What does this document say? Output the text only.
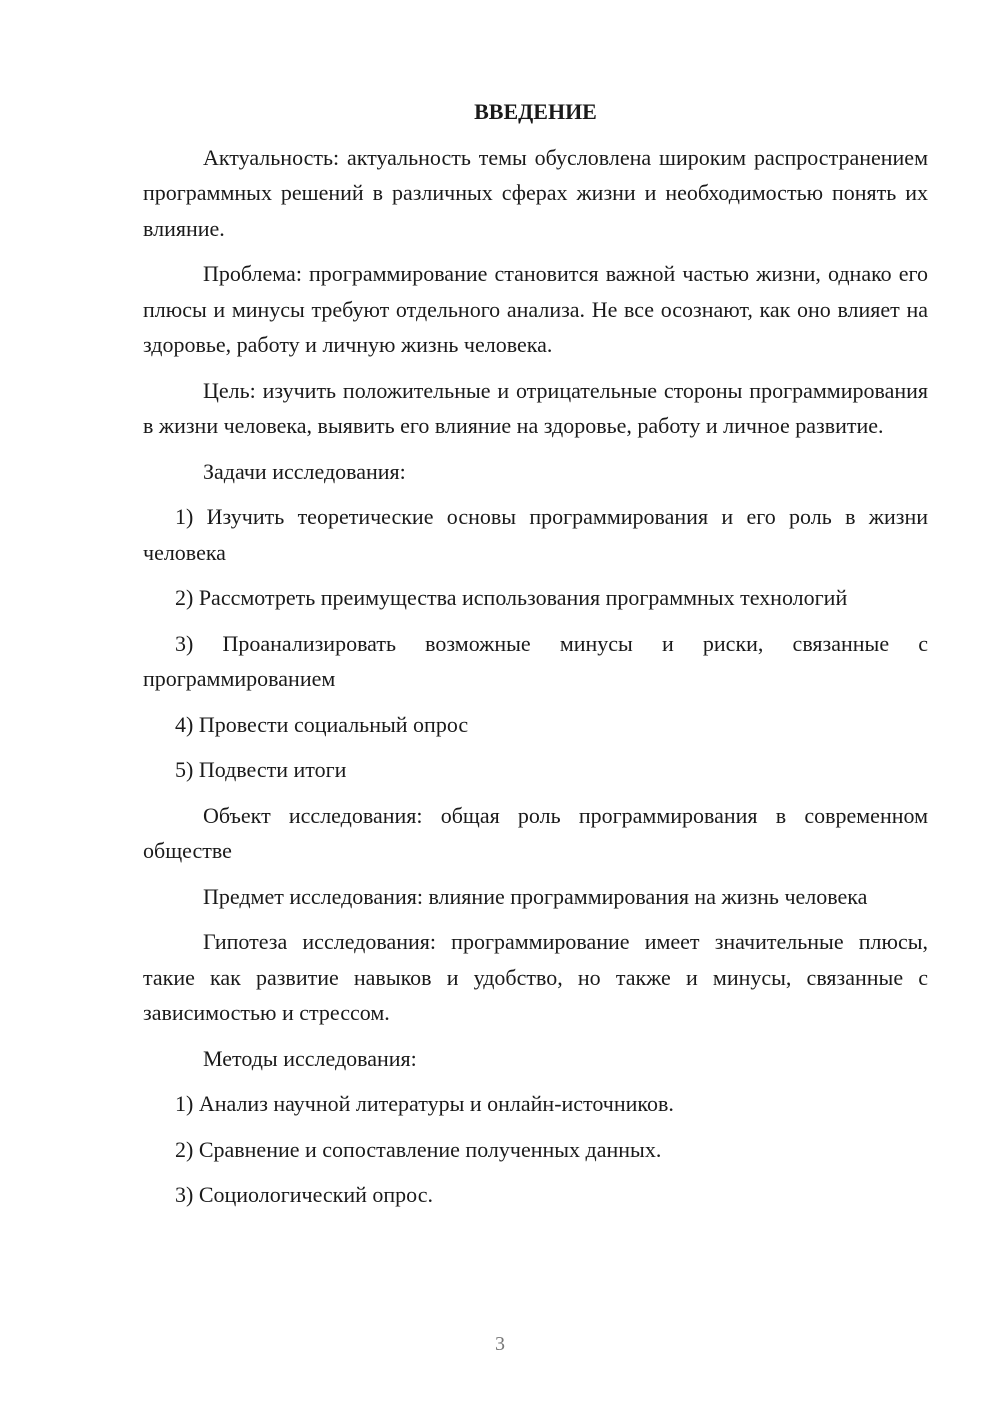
ВВЕДЕНИЕ

Актуальность: актуальность темы обусловлена широким распространением программных решений в различных сферах жизни и необходимостью понять их влияние.

Проблема: программирование становится важной частью жизни, однако его плюсы и минусы требуют отдельного анализа. Не все осознают, как оно влияет на здоровье, работу и личную жизнь человека.

Цель: изучить положительные и отрицательные стороны программирования в жизни человека, выявить его влияние на здоровье, работу и личное развитие.

Задачи исследования:

1) Изучить теоретические основы программирования и его роль в жизни человека

2) Рассмотреть преимущества использования программных технологий

3) Проанализировать возможные минусы и риски, связанные с программированием

4) Провести социальный опрос

5) Подвести итоги

Объект исследования: общая роль программирования в современном обществе

Предмет исследования: влияние программирования на жизнь человека

Гипотеза исследования: программирование имеет значительные плюсы, такие как развитие навыков и удобство, но также и минусы, связанные с зависимостью и стрессом.

Методы исследования:

1) Анализ научной литературы и онлайн-источников.

2) Сравнение и сопоставление полученных данных.

3) Социологический опрос.

3
